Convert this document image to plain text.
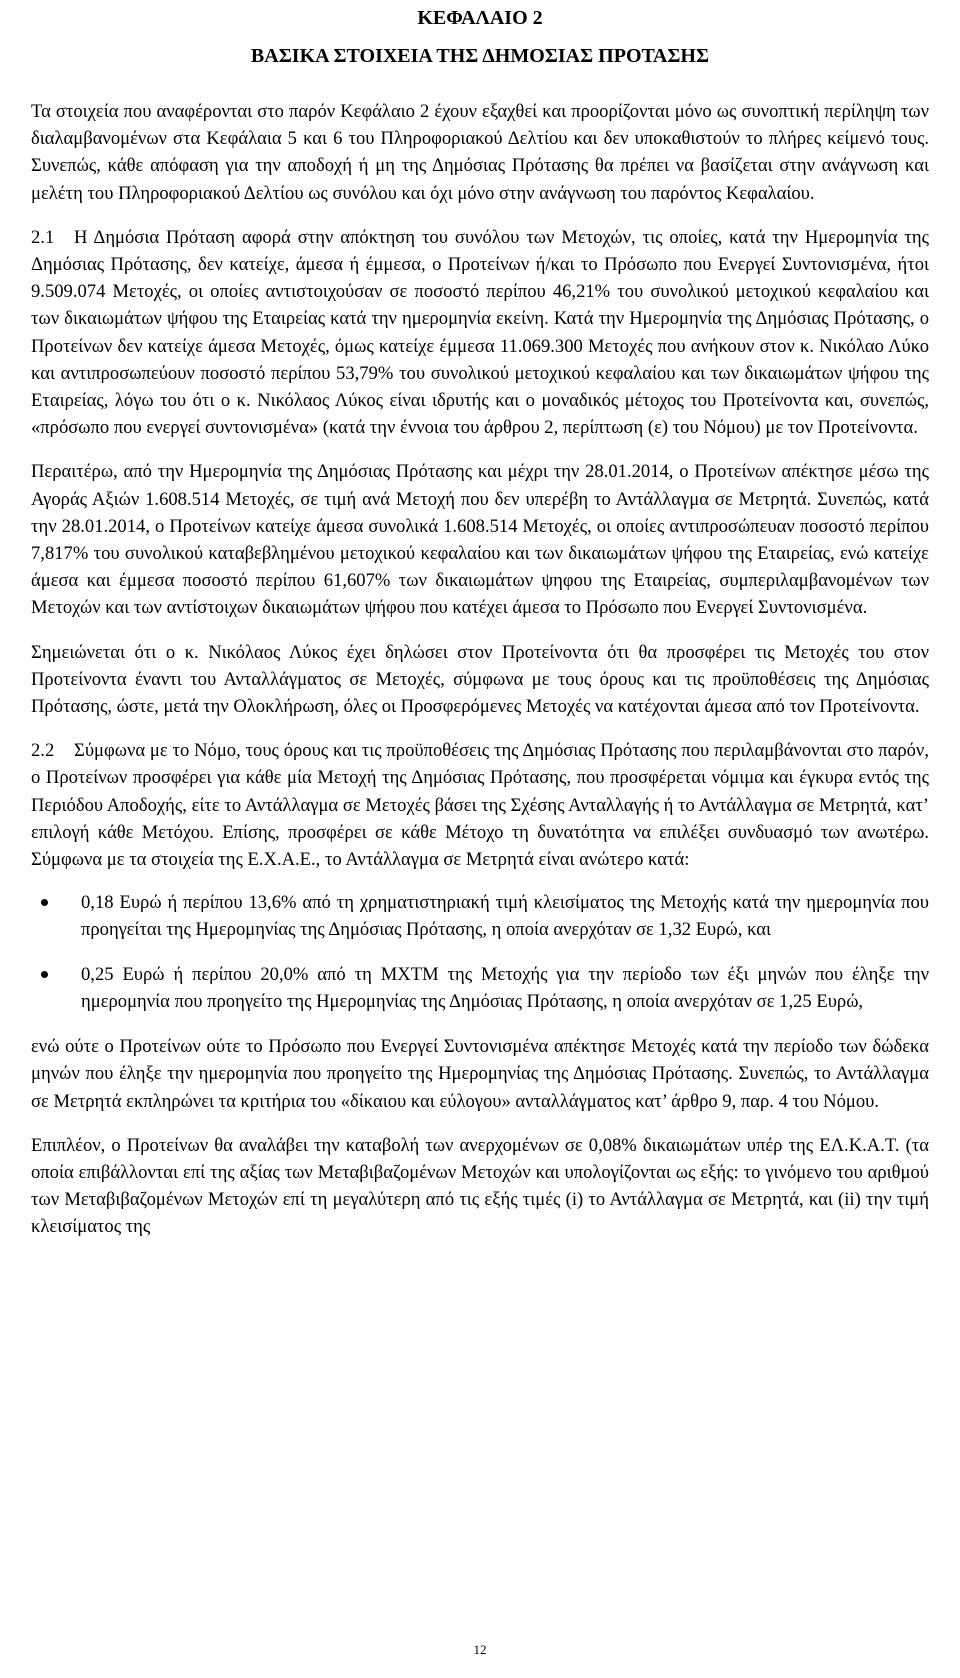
ΚΕΦΑΛΑΙΟ 2
ΒΑΣΙΚΑ ΣΤΟΙΧΕΙΑ ΤΗΣ ΔΗΜΟΣΙΑΣ ΠΡΟΤΑΣΗΣ

Τα στοιχεία που αναφέρονται στο παρόν Κεφάλαιο 2 έχουν εξαχθεί και προορίζονται μόνο ως συνοπτική περίληψη των διαλαμβανομένων στα Κεφάλαια 5 και 6 του Πληροφοριακού Δελτίου και δεν υποκαθιστούν το πλήρες κείμενό τους. Συνεπώς, κάθε απόφαση για την αποδοχή ή μη της Δημόσιας Πρότασης θα πρέπει να βασίζεται στην ανάγνωση και μελέτη του Πληροφοριακού Δελτίου ως συνόλου και όχι μόνο στην ανάγνωση του παρόντος Κεφαλαίου.

2.1 Η Δημόσια Πρόταση αφορά στην απόκτηση του συνόλου των Μετοχών, τις οποίες, κατά την Ημερομηνία της Δημόσιας Πρότασης, δεν κατείχε, άμεσα ή έμμεσα, ο Προτείνων ή/και το Πρόσωπο που Ενεργεί Συντονισμένα, ήτοι 9.509.074 Μετοχές, οι οποίες αντιστοιχούσαν σε ποσοστό περίπου 46,21% του συνολικού μετοχικού κεφαλαίου και των δικαιωμάτων ψήφου της Εταιρείας κατά την ημερομηνία εκείνη. Κατά την Ημερομηνία της Δημόσιας Πρότασης, ο Προτείνων δεν κατείχε άμεσα Μετοχές, όμως κατείχε έμμεσα 11.069.300 Μετοχές που ανήκουν στον κ. Νικόλαο Λύκο και αντιπροσωπεύουν ποσοστό περίπου 53,79% του συνολικού μετοχικού κεφαλαίου και των δικαιωμάτων ψήφου της Εταιρείας, λόγω του ότι ο κ. Νικόλαος Λύκος είναι ιδρυτής και ο μοναδικός μέτοχος του Προτείνοντα και, συνεπώς, «πρόσωπο που ενεργεί συντονισμένα» (κατά την έννοια του άρθρου 2, περίπτωση (ε) του Νόμου) με τον Προτείνοντα.

Περαιτέρω, από την Ημερομηνία της Δημόσιας Πρότασης και μέχρι την 28.01.2014, ο Προτείνων απέκτησε μέσω της Αγοράς Αξιών 1.608.514 Μετοχές, σε τιμή ανά Μετοχή που δεν υπερέβη το Αντάλλαγμα σε Μετρητά. Συνεπώς, κατά την 28.01.2014, ο Προτείνων κατείχε άμεσα συνολικά 1.608.514 Μετοχές, οι οποίες αντιπροσώπευαν ποσοστό περίπου 7,817% του συνολικού καταβεβλημένου μετοχικού κεφαλαίου και των δικαιωμάτων ψήφου της Εταιρείας, ενώ κατείχε άμεσα και έμμεσα ποσοστό περίπου 61,607% των δικαιωμάτων ψηφου της Εταιρείας, συμπεριλαμβανομένων των Μετοχών και των αντίστοιχων δικαιωμάτων ψήφου που κατέχει άμεσα το Πρόσωπο που Ενεργεί Συντονισμένα.

Σημειώνεται ότι ο κ. Νικόλαος Λύκος έχει δηλώσει στον Προτείνοντα ότι θα προσφέρει τις Μετοχές του στον Προτείνοντα έναντι του Ανταλλάγματος σε Μετοχές, σύμφωνα με τους όρους και τις προϋποθέσεις της Δημόσιας Πρότασης, ώστε, μετά την Ολοκλήρωση, όλες οι Προσφερόμενες Μετοχές να κατέχονται άμεσα από τον Προτείνοντα.

2.2 Σύμφωνα με το Νόμο, τους όρους και τις προϋποθέσεις της Δημόσιας Πρότασης που περιλαμβάνονται στο παρόν, ο Προτείνων προσφέρει για κάθε μία Μετοχή της Δημόσιας Πρότασης, που προσφέρεται νόμιμα και έγκυρα εντός της Περιόδου Αποδοχής, είτε το Αντάλλαγμα σε Μετοχές βάσει της Σχέσης Ανταλλαγής ή το Αντάλλαγμα σε Μετρητά, κατ’ επιλογή κάθε Μετόχου. Επίσης, προσφέρει σε κάθε Μέτοχο τη δυνατότητα να επιλέξει συνδυασμό των ανωτέρω. Σύμφωνα με τα στοιχεία της Ε.Χ.Α.Ε., το Αντάλλαγμα σε Μετρητά είναι ανώτερο κατά:

0,18 Ευρώ ή περίπου 13,6% από τη χρηματιστηριακή τιμή κλεισίματος της Μετοχής κατά την ημερομηνία που προηγείται της Ημερομηνίας της Δημόσιας Πρότασης, η οποία ανερχόταν σε 1,32 Ευρώ, και
0,25 Ευρώ ή περίπου 20,0% από τη ΜΧΤΜ της Μετοχής για την περίοδο των έξι μηνών που έληξε την ημερομηνία που προηγείτο της Ημερομηνίας της Δημόσιας Πρότασης, η οποία ανερχόταν σε 1,25 Ευρώ,

ενώ ούτε ο Προτείνων ούτε το Πρόσωπο που Ενεργεί Συντονισμένα απέκτησε Μετοχές κατά την περίοδο των δώδεκα μηνών που έληξε την ημερομηνία που προηγείτο της Ημερομηνίας της Δημόσιας Πρότασης. Συνεπώς, το Αντάλλαγμα σε Μετρητά εκπληρώνει τα κριτήρια του «δίκαιου και εύλογου» ανταλλάγματος κατ’ άρθρο 9, παρ. 4 του Νόμου.

Επιπλέον, ο Προτείνων θα αναλάβει την καταβολή των ανερχομένων σε 0,08% δικαιωμάτων υπέρ της ΕΛ.Κ.Α.Τ. (τα οποία επιβάλλονται επί της αξίας των Μεταβιβαζομένων Μετοχών και υπολογίζονται ως εξής: το γινόμενο του αριθμού των Μεταβιβαζομένων Μετοχών επί τη μεγαλύτερη από τις εξής τιμές (i) το Αντάλλαγμα σε Μετρητά, και (ii) την τιμή κλεισίματος της

12
